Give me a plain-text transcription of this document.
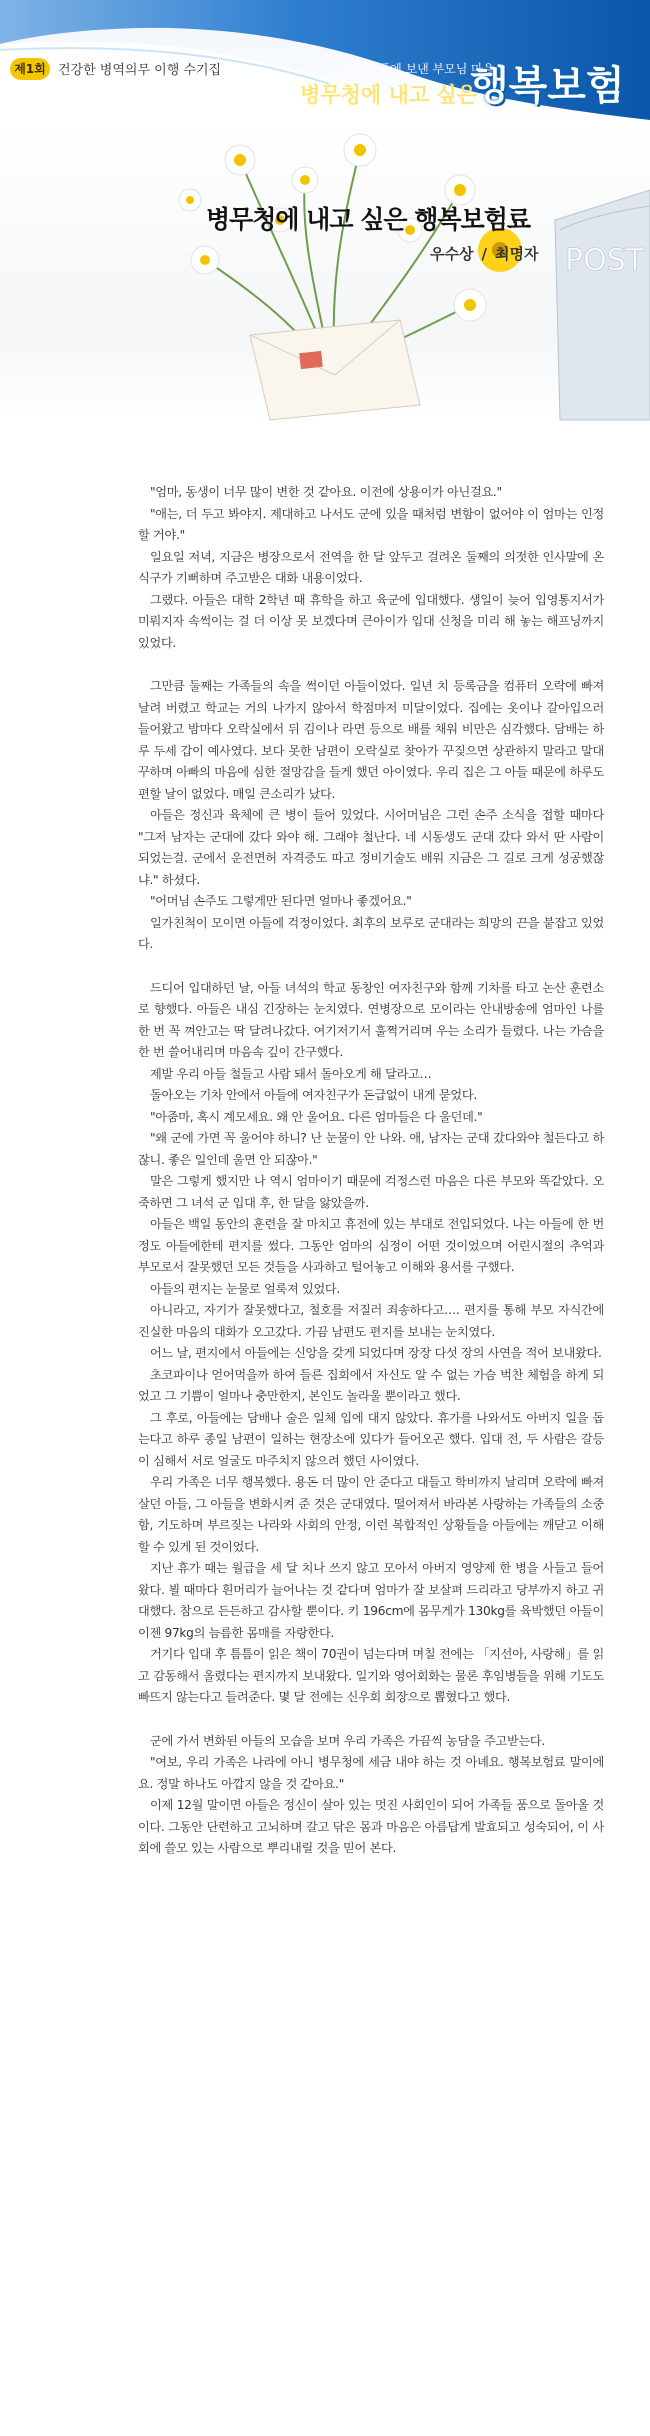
제1회 건강한 병역의무 이행 수기집	아들을 품에 보낸 부모님 마음
병무청에 내고 싶은
행복보험
POST
병무청에 내고 싶은 행복보험료
우수상 / 최명자

"엄마, 동생이 너무 많이 변한 것 같아요. 이전에 상용이가 아닌걸요."

"애는, 더 두고 봐야지. 제대하고 나서도 군에 있을 때처럼 변함이 없어야 이 엄마는 인정할 거야."

일요일 저녁, 지금은 병장으로서 전역을 한 달 앞두고 걸려온 둘째의 의젓한 인사말에 온 식구가 기뻐하며 주고받은 대화 내용이었다.

그랬다. 아들은 대학 2학년 때 휴학을 하고 육군에 입대했다. 생일이 늦어 입영통지서가 미뤄지자 속썩이는 걸 더 이상 못 보겠다며 큰아이가 입대 신청을 미리 해 놓는 해프닝까지 있었다.

그만큼 둘째는 가족들의 속을 썩이던 아들이었다. 일년 치 등록금을 컴퓨터 오락에 빠져 날려 버렸고 학교는 거의 나가지 않아서 학점마저 미달이었다. 집에는 옷이나 갈아입으러 들어왔고 밤마다 오락실에서 뒤 김이나 라면 등으로 배를 채워 비만은 심각했다. 담배는 하루 두세 갑이 예사였다. 보다 못한 남편이 오락실로 찾아가 꾸짖으면 상관하지 말라고 말대꾸하며 아빠의 마음에 심한 절망감을 들게 했던 아이였다. 우리 집은 그 아들 때문에 하루도 편할 날이 없었다. 매일 큰소리가 났다.

아들은 정신과 육체에 큰 병이 들어 있었다. 시어머님은 그런 손주 소식을 접할 때마다 "그저 남자는 군대에 갔다 와야 해. 그래야 철난다. 네 시동생도 군대 갔다 와서 딴 사람이 되었는걸. 군에서 운전면허 자격증도 따고 정비기술도 배워 지금은 그 길로 크게 성공했잖냐." 하셨다.

"어머님 손주도 그렇게만 된다면 얼마나 좋겠어요."

일가친척이 모이면 아들에 걱정이었다. 최후의 보루로 군대라는 희망의 끈을 붙잡고 있었다.

드디어 입대하던 날, 아들 녀석의 학교 동창인 여자친구와 함께 기차를 타고 논산 훈련소로 향했다. 아들은 내심 긴장하는 눈치였다. 연병장으로 모이라는 안내방송에 엄마인 나를 한 번 꼭 껴안고는 딱 달려나갔다. 여기저기서 훌쩍거리며 우는 소리가 들렸다. 나는 가슴을 한 번 쓸어내리며 마음속 깊이 간구했다.

제발 우리 아들 철들고 사람 돼서 돌아오게 해 달라고…

돌아오는 기차 안에서 아들에 여자친구가 돈급없이 내게 묻었다.

"아줌마, 혹시 계모세요. 왜 안 울어요. 다른 엄마들은 다 울던데."

"왜 군에 가면 꼭 울어야 하니? 난 눈물이 안 나와. 애, 남자는 군대 갔다와야 철든다고 하잖니. 좋은 일인데 울면 안 되잖아."

말은 그렇게 했지만 나 역시 엄마이기 때문에 걱정스런 마음은 다른 부모와 똑같았다. 오죽하면 그 녀석 군 입대 후, 한 달을 앓았을까.

아들은 백일 동안의 훈련을 잘 마치고 휴전에 있는 부대로 전입되었다. 나는 아들에 한 번 정도 아들에한테 편지를 썼다. 그동안 엄마의 심정이 어떤 것이었으며 어린시절의 추억과 부모로서 잘못했던 모든 것들을 사과하고 털어놓고 이해와 용서를 구했다.

아들의 편지는 눈물로 얼룩져 있었다.

아니라고, 자기가 잘못했다고, 철호를 저질러 죄송하다고…. 편지를 통해 부모 자식간에 진실한 마음의 대화가 오고갔다. 가끔 남편도 편지를 보내는 눈치였다.

어느 날, 편지에서 아들에는 신앙을 갖게 되었다며 장장 다섯 장의 사연을 적어 보내왔다.

초코파이나 얻어먹을까 하여 들른 집회에서 자신도 알 수 없는 가슴 벅찬 체험을 하게 되었고 그 기쁨이 얼마나 충만한지, 본인도 놀라울 뿐이라고 했다.

그 후로, 아들에는 담배나 술은 일체 입에 대지 않았다. 휴가를 나와서도 아버지 일을 돕는다고 하루 종일 남편이 일하는 현장소에 있다가 들어오곤 했다. 입대 전, 두 사람은 갈등이 심해서 서로 얼굴도 마주치지 않으려 했던 사이였다.

우리 가족은 너무 행복했다. 용돈 더 많이 안 준다고 대들고 학비까지 날리며 오락에 빠져 살던 아들, 그 아들을 변화시켜 준 것은 군대였다. 떨어져서 바라본 사랑하는 가족들의 소중함, 기도하며 부르짖는 나라와 사회의 안정, 이런 복합적인 상황들을 아들에는 깨닫고 이해할 수 있게 된 것이었다.

지난 휴가 때는 월급을 세 달 치나 쓰지 않고 모아서 아버지 영양제 한 병을 사들고 들어왔다. 뵐 때마다 흰머리가 늘어나는 것 같다며 엄마가 잘 보살펴 드리라고 당부까지 하고 귀대했다. 참으로 든든하고 감사할 뿐이다. 키 196cm에 몸무게가 130kg를 육박했던 아들이 이젠 97kg의 늠름한 몸매를 자랑한다.

거기다 입대 후 틈틈이 읽은 책이 70권이 넘는다며 며칠 전에는 「지선아, 사랑해」를 읽고 감동해서 올렸다는 편지까지 보내왔다. 일기와 영어회화는 물론 후임병들을 위해 기도도 빠뜨지 않는다고 들려준다. 몇 달 전에는 신우회 회장으로 뽑혔다고 했다.

군에 가서 변화된 아들의 모습을 보며 우리 가족은 가끔씩 농담을 주고받는다.

"여보, 우리 가족은 나라에 아니 병무청에 세금 내야 하는 것 아녜요. 행복보험료 말이에요. 정말 하나도 아깝지 않을 것 같아요."

이제 12월 말이면 아들은 정신이 살아 있는 멋진 사회인이 되어 가족들 품으로 돌아올 것이다. 그동안 단련하고 고뇌하며 갈고 닦은 몸과 마음은 아름답게 발효되고 성숙되어, 이 사회에 쓸모 있는 사람으로 뿌리내릴 것을 믿어 본다.
